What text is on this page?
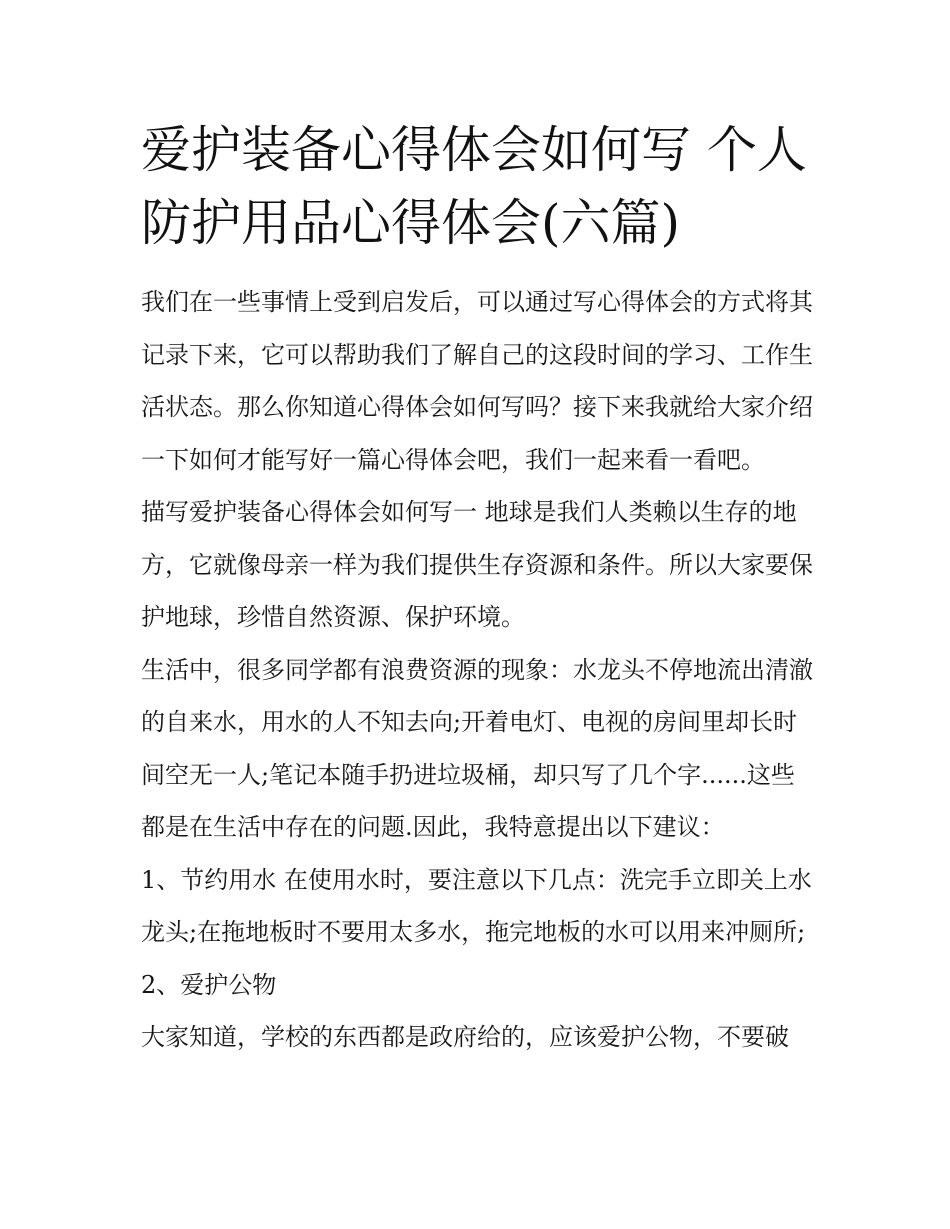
爱护装备心得体会如何写 个人防护用品心得体会(六篇)

我们在一些事情上受到启发后，可以通过写心得体会的方式将其记录下来，它可以帮助我们了解自己的这段时间的学习、工作生活状态。那么你知道心得体会如何写吗？接下来我就给大家介绍一下如何才能写好一篇心得体会吧，我们一起来看一看吧。

描写爱护装备心得体会如何写一 地球是我们人类赖以生存的地方，它就像母亲一样为我们提供生存资源和条件。所以大家要保护地球，珍惜自然资源、保护环境。

生活中，很多同学都有浪费资源的现象：水龙头不停地流出清澈的自来水，用水的人不知去向;开着电灯、电视的房间里却长时间空无一人;笔记本随手扔进垃圾桶，却只写了几个字......这些都是在生活中存在的问题.因此，我特意提出以下建议：

1、节约用水 在使用水时，要注意以下几点：洗完手立即关上水龙头;在拖地板时不要用太多水，拖完地板的水可以用来冲厕所; 2、爱护公物

大家知道，学校的东西都是政府给的，应该爱护公物，不要破
